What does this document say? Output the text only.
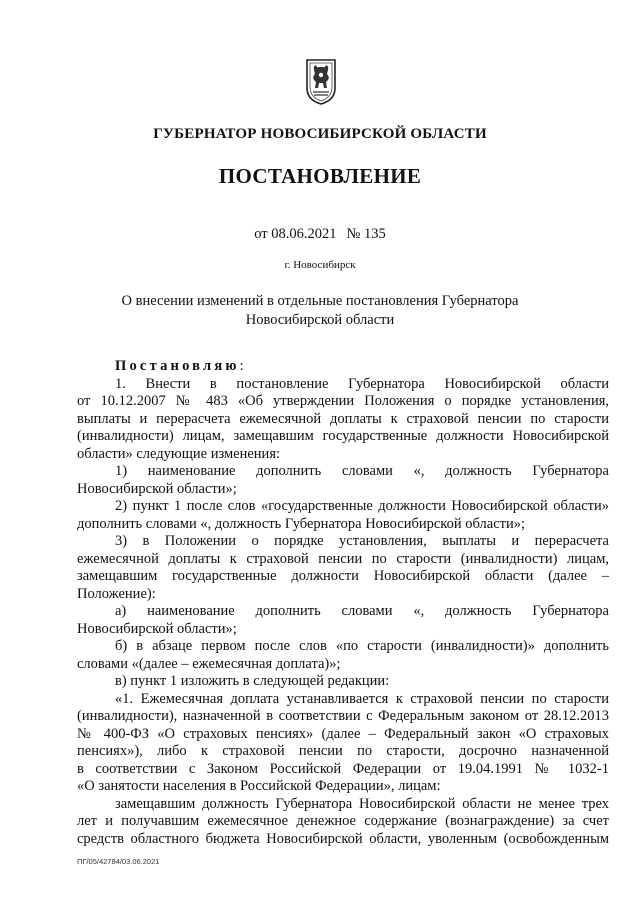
ГУБЕРНАТОР НОВОСИБИРСКОЙ ОБЛАСТИ
ПОСТАНОВЛЕНИЕ
от 08.06.2021 № 135
г. Новосибирск
О внесении изменений в отдельные постановления Губернатора
Новосибирской области

Постановляю:

1. Внести в постановление Губернатора Новосибирской области

от 10.12.2007 № 483 «Об утверждении Положения о порядке установления,

выплаты и перерасчета ежемесячной доплаты к страховой пенсии по старости

(инвалидности) лицам, замещавшим государственные должности Новосибирской

области» следующие изменения:

1) наименование дополнить словами «, должность Губернатора

Новосибирской области»;

2) пункт 1 после слов «государственные должности Новосибирской области»

дополнить словами «, должность Губернатора Новосибирской области»;

3) в Положении о порядке установления, выплаты и перерасчета

ежемесячной доплаты к страховой пенсии по старости (инвалидности) лицам,

замещавшим государственные должности Новосибирской области (далее –

Положение):

а) наименование дополнить словами «, должность Губернатора

Новосибирской области»;

б) в абзаце первом после слов «по старости (инвалидности)» дополнить

словами «(далее – ежемесячная доплата)»;

в) пункт 1 изложить в следующей редакции:

«1. Ежемесячная доплата устанавливается к страховой пенсии по старости

(инвалидности), назначенной в соответствии с Федеральным законом от 28.12.2013

№ 400-ФЗ «О страховых пенсиях» (далее – Федеральный закон «О страховых

пенсиях»), либо к страховой пенсии по старости, досрочно назначенной

в соответствии с Законом Российской Федерации от 19.04.1991 № 1032-1

«О занятости населения в Российской Федерации», лицам:

замещавшим должность Губернатора Новосибирской области не менее трех

лет и получавшим ежемесячное денежное содержание (вознаграждение) за счет

средств областного бюджета Новосибирской области, уволенным (освобожденным

ПГ/05/42784/03.06.2021
